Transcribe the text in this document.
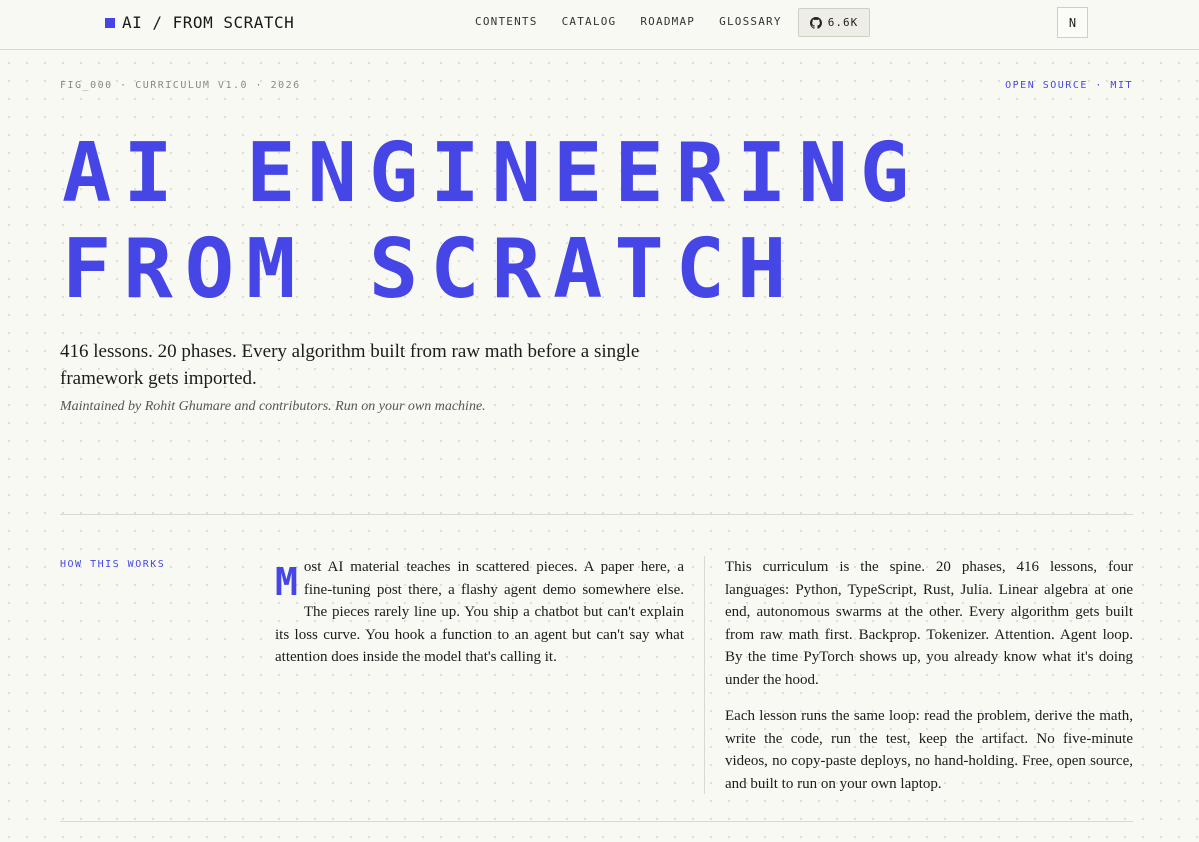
AI / FROM SCRATCH	CONTENTS CATALOG ROADMAP GLOSSARY	6.6K	N
FIG_000 · CURRICULUM V1.0 · 2026	OPEN SOURCE · MIT
AI ENGINEERING
FROM SCRATCH

416 lessons. 20 phases. Every algorithm built from raw math before a single framework gets imported.

Maintained by Rohit Ghumare and contributors. Run on your own machine.

HOW THIS WORKS	M ost AI material teaches in scattered pieces. A paper here, a fine-tuning post there, a flashy agent demo somewhere else. The pieces rarely line up. You ship a chatbot but can't explain its loss curve. You hook a function to an agent but can't say what attention does inside the model that's calling it.

This curriculum is the spine. 20 phases, 416 lessons, four languages: Python, TypeScript, Rust, Julia. Linear algebra at one end, autonomous swarms at the other. Every algorithm gets built from raw math first. Backprop. Tokenizer. Attention. Agent loop. By the time PyTorch shows up, you already know what it's doing under the hood.

Each lesson runs the same loop: read the problem, derive the math, write the code, run the test, keep the artifact. No five-minute videos, no copy-paste deploys, no hand-holding. Free, open source, and built to run on your own laptop.
